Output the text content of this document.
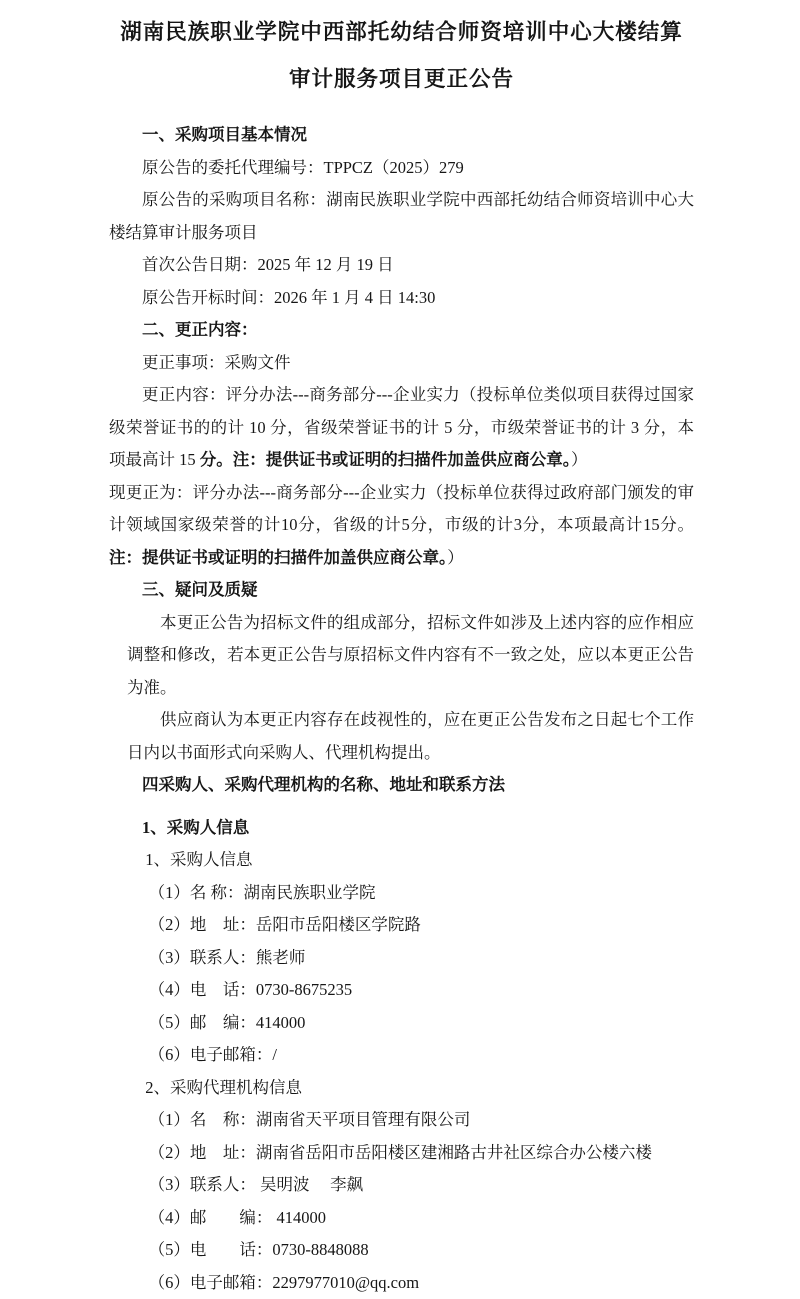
湖南民族职业学院中西部托幼结合师资培训中心大楼结算
审计服务项目更正公告

一、采购项目基本情况

原公告的委托代理编号：TPPCZ（2025）279

原公告的采购项目名称：湖南民族职业学院中西部托幼结合师资培训中心大楼结算审计服务项目

首次公告日期：2025 年 12 月 19 日

原公告开标时间：2026 年 1 月 4 日 14:30

二、更正内容：

更正事项：采购文件

更正内容：评分办法---商务部分---企业实力（投标单位类似项目获得过国家级荣誉证书的的计 10 分，省级荣誉证书的计 5 分，市级荣誉证书的计 3 分，本项最高计 15 分。注：提供证书或证明的扫描件加盖供应商公章。）

现更正为：评分办法---商务部分---企业实力（投标单位获得过政府部门颁发的审计领域国家级荣誉的计10分，省级的计5分，市级的计3分，本项最高计15分。注：提供证书或证明的扫描件加盖供应商公章。）

三、疑问及质疑

本更正公告为招标文件的组成部分，招标文件如涉及上述内容的应作相应调整和修改，若本更正公告与原招标文件内容有不一致之处，应以本更正公告为准。

供应商认为本更正内容存在歧视性的，应在更正公告发布之日起七个工作日内以书面形式向采购人、代理机构提出。

四采购人、采购代理机构的名称、地址和联系方法

1、采购人信息

1、采购人信息

（1）名 称：湖南民族职业学院

（2）地　址：岳阳市岳阳楼区学院路

（3）联系人：熊老师

（4）电　话：0730-8675235

（5）邮　编：414000

（6）电子邮箱：/

2、采购代理机构信息

（1）名　称：湖南省天平项目管理有限公司

（2）地　址：湖南省岳阳市岳阳楼区建湘路古井社区综合办公楼六楼

（3）联系人： 吴明波　 李飙

（4）邮　　编： 414000

（5）电　　话：0730-8848088

（6）电子邮箱：2297977010@qq.com
